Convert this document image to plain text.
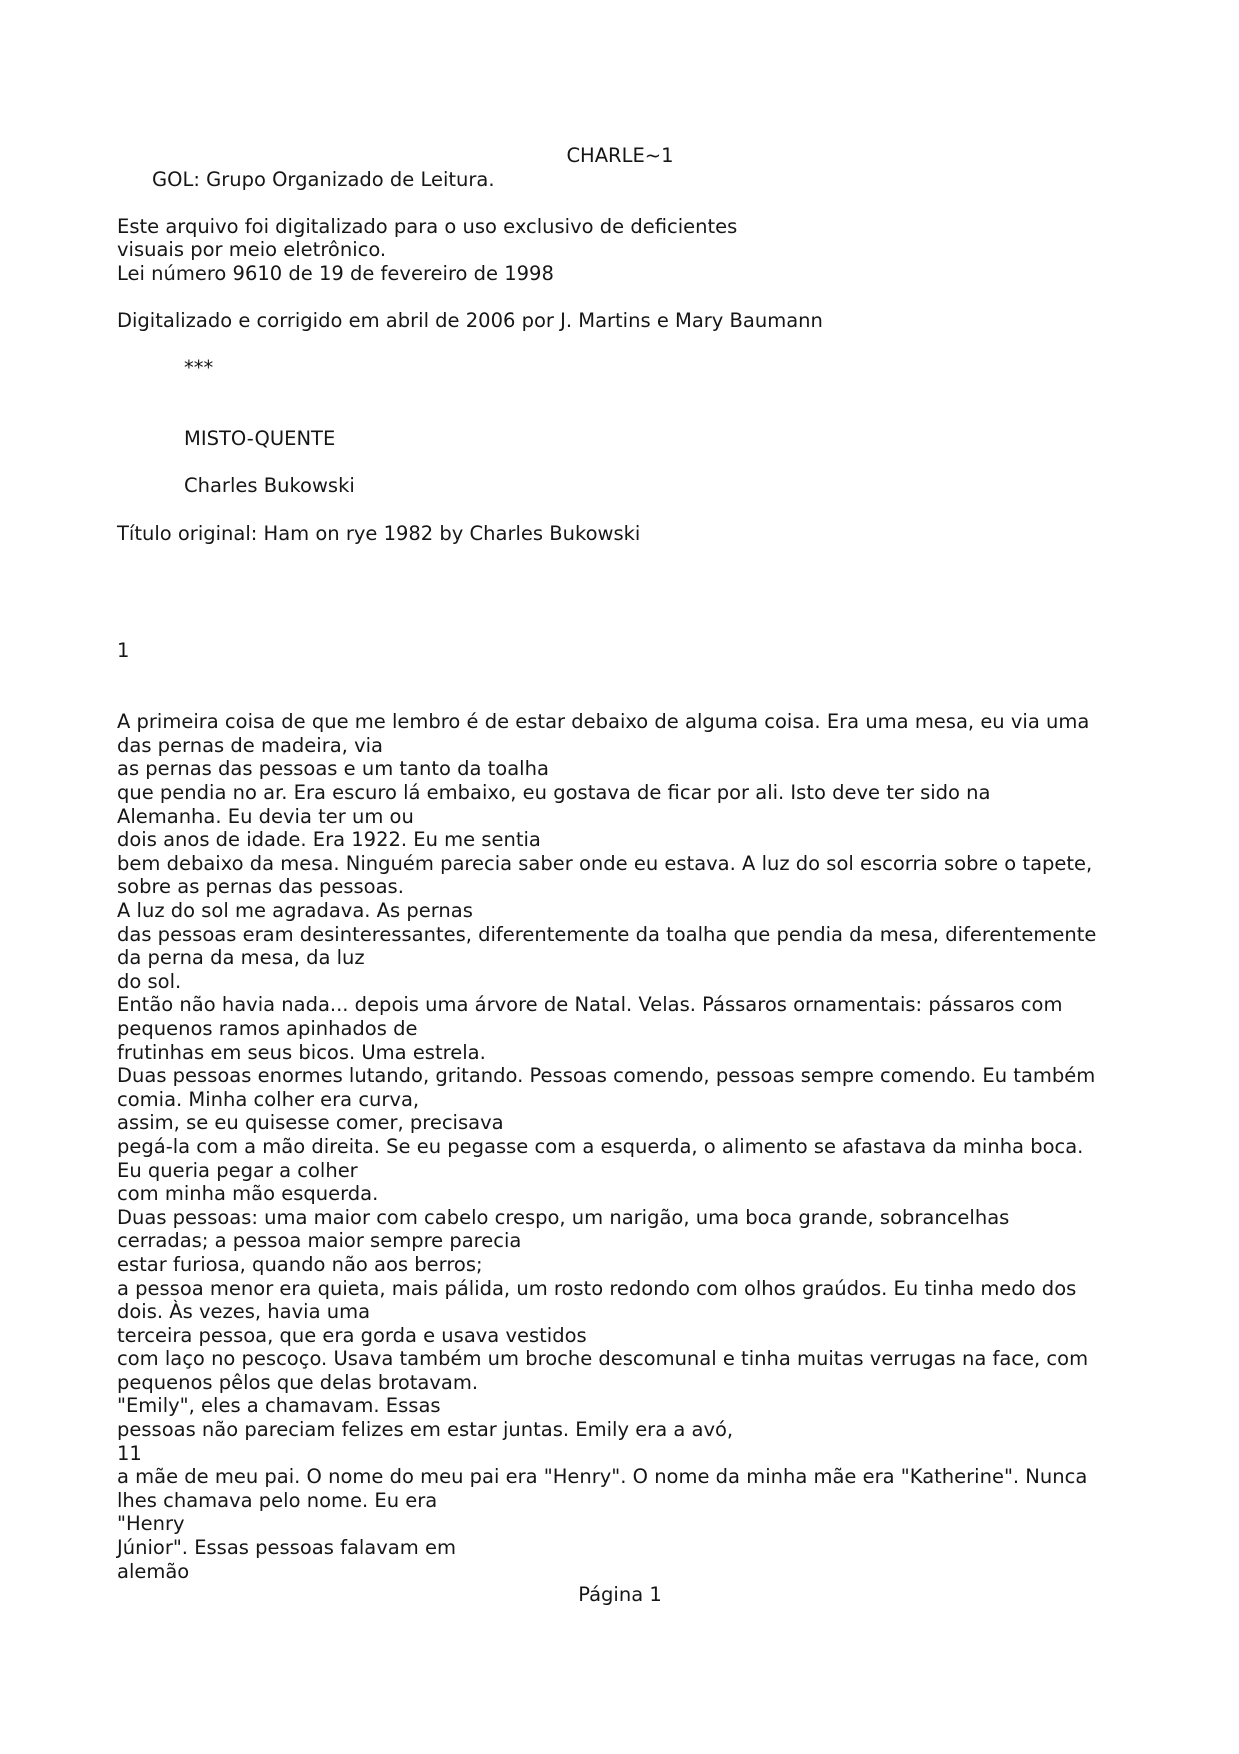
CHARLE~1
GOL: Grupo Organizado de Leitura.

Este arquivo foi digitalizado para o uso exclusivo de deficientes
visuais por meio eletrônico.
Lei número 9610 de 19 de fevereiro de 1998

Digitalizado e corrigido em abril de 2006 por J. Martins e Mary Baumann

***

MISTO-QUENTE

Charles Bukowski

Título original: Ham on rye 1982 by Charles Bukowski

1

A primeira coisa de que me lembro é de estar debaixo de alguma coisa. Era uma mesa, eu via uma
das pernas de madeira, via
as pernas das pessoas e um tanto da toalha
que pendia no ar. Era escuro lá embaixo, eu gostava de ficar por ali. Isto deve ter sido na
Alemanha. Eu devia ter um ou
dois anos de idade. Era 1922. Eu me sentia
bem debaixo da mesa. Ninguém parecia saber onde eu estava. A luz do sol escorria sobre o tapete,
sobre as pernas das pessoas.
A luz do sol me agradava. As pernas
das pessoas eram desinteressantes, diferentemente da toalha que pendia da mesa, diferentemente
da perna da mesa, da luz
do sol.
Então não havia nada... depois uma árvore de Natal. Velas. Pássaros ornamentais: pássaros com
pequenos ramos apinhados de
frutinhas em seus bicos. Uma estrela.
Duas pessoas enormes lutando, gritando. Pessoas comendo, pessoas sempre comendo. Eu também
comia. Minha colher era curva,
assim, se eu quisesse comer, precisava
pegá-la com a mão direita. Se eu pegasse com a esquerda, o alimento se afastava da minha boca.
Eu queria pegar a colher
com minha mão esquerda.
Duas pessoas: uma maior com cabelo crespo, um narigão, uma boca grande, sobrancelhas
cerradas; a pessoa maior sempre parecia
estar furiosa, quando não aos berros;
a pessoa menor era quieta, mais pálida, um rosto redondo com olhos graúdos. Eu tinha medo dos
dois. Às vezes, havia uma
terceira pessoa, que era gorda e usava vestidos
com laço no pescoço. Usava também um broche descomunal e tinha muitas verrugas na face, com
pequenos pêlos que delas brotavam.
"Emily", eles a chamavam. Essas
pessoas não pareciam felizes em estar juntas. Emily era a avó,
11
a mãe de meu pai. O nome do meu pai era "Henry". O nome da minha mãe era "Katherine". Nunca
lhes chamava pelo nome. Eu era
"Henry
Júnior". Essas pessoas falavam em
alemão
Página 1
